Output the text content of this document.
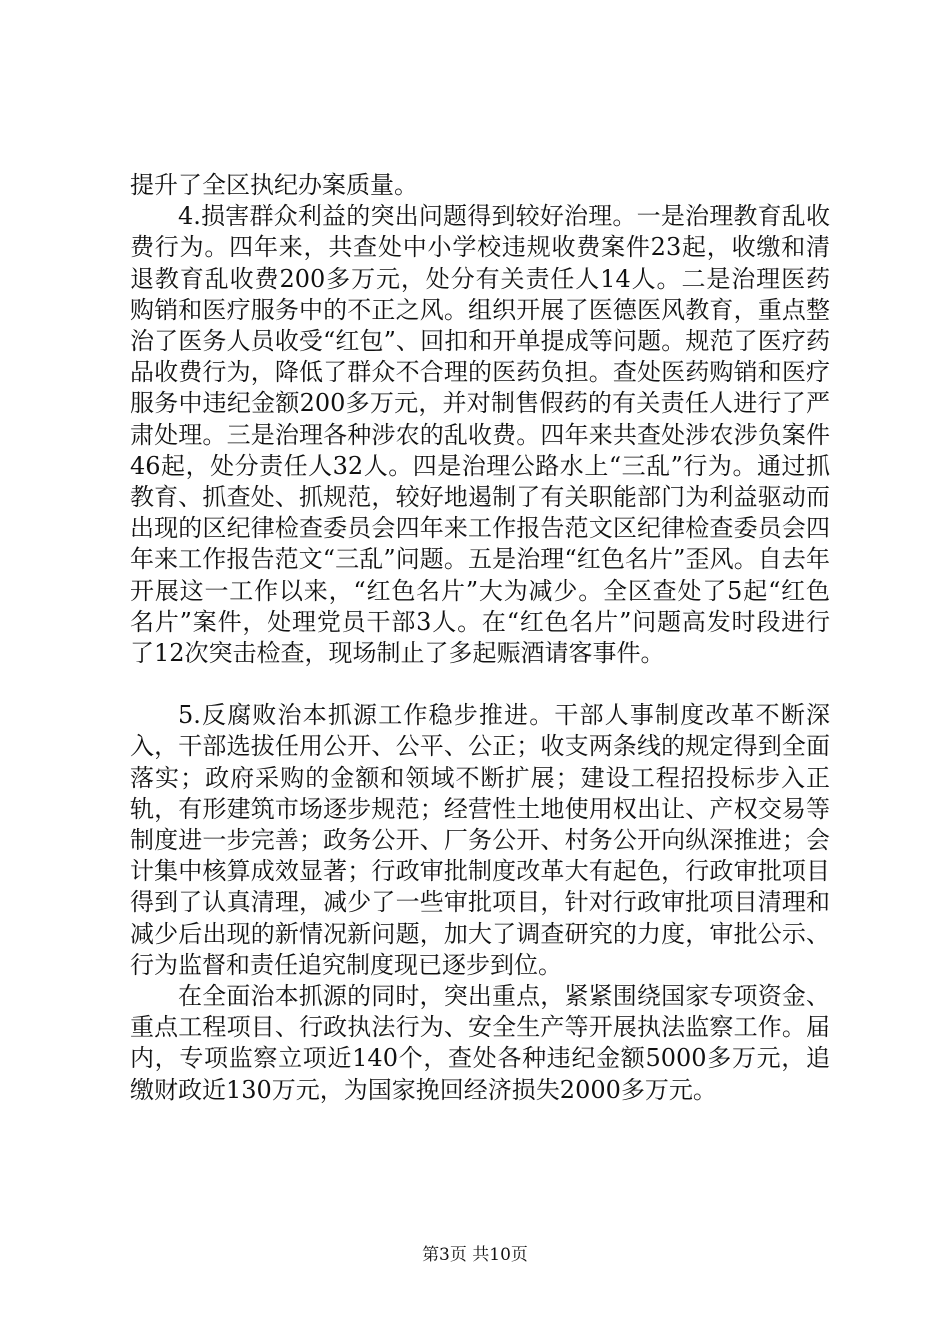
提升了全区执纪办案质量。

4.损害群众利益的突出问题得到较好治理。一是治理教育乱收费行为。四年来，共查处中小学校违规收费案件23起，收缴和清退教育乱收费200多万元，处分有关责任人14人。二是治理医药购销和医疗服务中的不正之风。组织开展了医德医风教育，重点整治了医务人员收受“红包”、回扣和开单提成等问题。规范了医疗药品收费行为，降低了群众不合理的医药负担。查处医药购销和医疗服务中违纪金额200多万元，并对制售假药的有关责任人进行了严肃处理。三是治理各种涉农的乱收费。四年来共查处涉农涉负案件46起，处分责任人32人。四是治理公路水上“三乱”行为。通过抓教育、抓查处、抓规范，较好地遏制了有关职能部门为利益驱动而出现的区纪律检查委员会四年来工作报告范文区纪律检查委员会四年来工作报告范文“三乱”问题。五是治理“红色名片”歪风。自去年开展这一工作以来，“红色名片”大为减少。全区查处了5起“红色名片”案件，处理党员干部3人。在“红色名片”问题高发时段进行了12次突击检查，现场制止了多起赈酒请客事件。

5.反腐败治本抓源工作稳步推进。干部人事制度改革不断深入，干部选拔任用公开、公平、公正；收支两条线的规定得到全面落实；政府采购的金额和领域不断扩展；建设工程招投标步入正轨，有形建筑市场逐步规范；经营性土地使用权出让、产权交易等制度进一步完善；政务公开、厂务公开、村务公开向纵深推进；会计集中核算成效显著；行政审批制度改革大有起色，行政审批项目得到了认真清理，减少了一些审批项目，针对行政审批项目清理和减少后出现的新情况新问题，加大了调查研究的力度，审批公示、行为监督和责任追究制度现已逐步到位。

在全面治本抓源的同时，突出重点，紧紧围绕国家专项资金、重点工程项目、行政执法行为、安全生产等开展执法监察工作。届内，专项监察立项近140个，查处各种违纪金额5000多万元，追缴财政近130万元，为国家挽回经济损失2000多万元。

第3页 共10页
